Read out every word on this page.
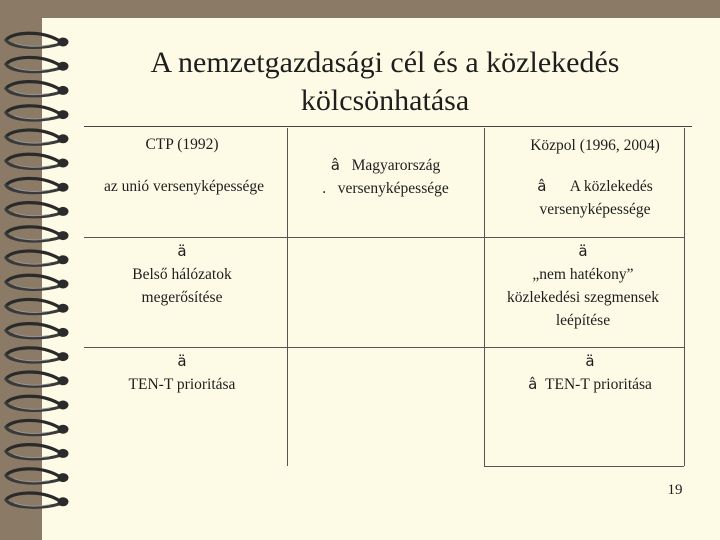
A nemzetgazdasági cél és a közlekedés
kölcsönhatása
CTP (1992)	Közpol (1996, 2004)
az unió versenyképessége
â Magyarország
. versenyképessége	â A közlekedés
versenyképessége
ä
Belső hálózatok
megerősítése
ä
„nem hatékony”
közlekedési szegmensek
leépítése
ä
TEN-T prioritása
ä
â TEN-T prioritása
19
